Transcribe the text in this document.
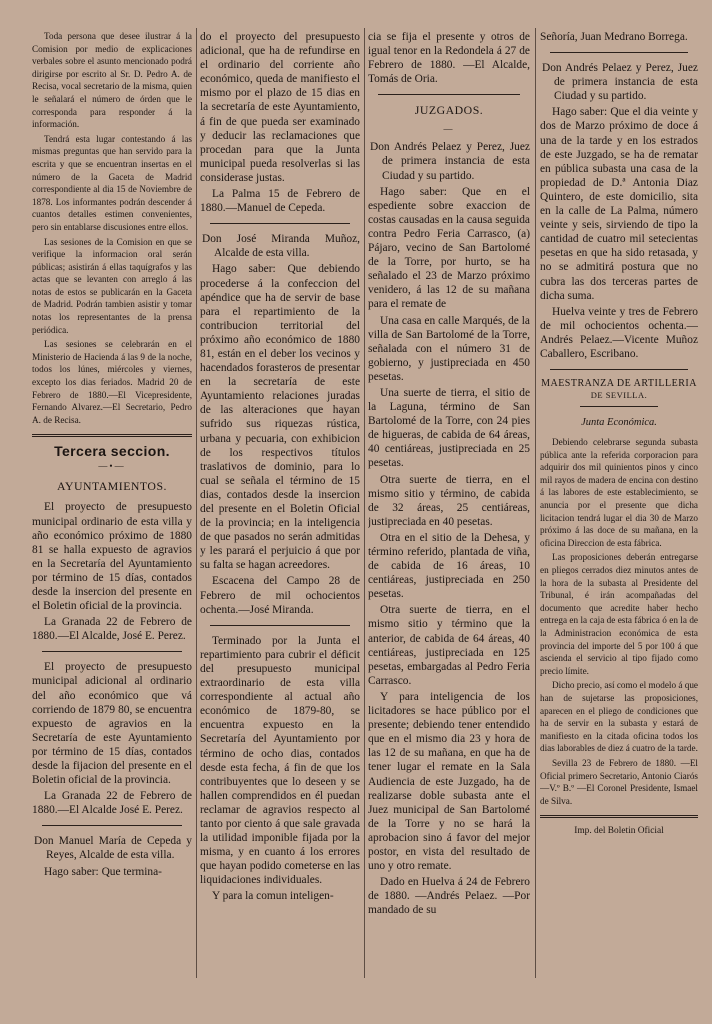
Toda persona que desee ilustrar á la Comision por medio de explicaciones verbales sobre el asunto mencionado podrá dirigirse por escrito al Sr. D. Pedro A. de Recisa, vocal secretario de la misma, quien le señalará el número de órden que le corresponda para responder á la información.

Tendrá esta lugar contestando á las mismas preguntas que han servido para la escrita y que se encuentran insertas en el número de la Gaceta de Madrid correspondiente al dia 15 de Noviembre de 1878. Los informantes podrán descender á cuantos detalles estimen convenientes, pero sin entablarse discusiones entre ellos.

Las sesiones de la Comision en que se verifique la informacion oral serán públicas; asistirán á ellas taquígrafos y las actas que se levanten con arreglo á las notas de estos se publicarán en la Gaceta de Madrid. Podrán tambien asistir y tomar notas los representantes de la prensa periódica.

Las sesiones se celebrarán en el Ministerio de Hacienda á las 9 de la noche, todos los lúnes, miércoles y viernes, excepto los dias feriados. Madrid 20 de Febrero de 1880.—El Vicepresidente, Fernando Alvarez.—El Secretario, Pedro A. de Recisa.

Tercera seccion.
—•—
AYUNTAMIENTOS.

El proyecto de presupuesto municipal ordinario de esta villa y año económico próximo de 1880 81 se halla expuesto de agravios en la Secretaría del Ayuntamiento por término de 15 días, contados desde la insercion del presente en el Boletin oficial de la provincia.

La Granada 22 de Febrero de 1880.—El Alcalde, José E. Perez.

El proyecto de presupuesto municipal adicional al ordinario del año económico que vá corriendo de 1879 80, se encuentra expuesto de agravios en la Secretaría de este Ayuntamiento por término de 15 días, contados desde la fijacion del presente en el Boletin oficial de la provincia.

La Granada 22 de Febrero de 1880.—El Alcalde José E. Perez.

Don Manuel María de Cepeda y Reyes, Alcalde de esta villa.

Hago saber: Que termina-

do el proyecto del presupuesto adicional, que ha de refundirse en el ordinario del corriente año económico, queda de manifiesto el mismo por el plazo de 15 dias en la secretaría de este Ayuntamiento, á fin de que pueda ser examinado y deducir las reclamaciones que procedan para que la Junta municipal pueda resolverlas si las considerase justas.

La Palma 15 de Febrero de 1880.—Manuel de Cepeda.

Don José Miranda Muñoz, Alcalde de esta villa.

Hago saber: Que debiendo procederse á la confeccion del apéndice que ha de servir de base para el repartimiento de la contribucion territorial del próximo año económico de 1880 81, están en el deber los vecinos y hacendados forasteros de presentar en la secretaría de este Ayuntamiento relaciones juradas de las alteraciones que hayan sufrido sus riquezas rústica, urbana y pecuaria, con exhibicion de los respectivos títulos traslativos de dominio, para lo cual se señala el término de 15 dias, contados desde la insercion del presente en el Boletin Oficial de la provincia; en la inteligencia de que pasados no serán admitidas y les parará el perjuicio á que por su falta se hagan acreedores.

Escacena del Campo 28 de Febrero de mil ochocientos ochenta.—José Miranda.

Terminado por la Junta el repartimiento para cubrir el déficit del presupuesto municipal extraordinario de esta villa correspondiente al actual año económico de 1879-80, se encuentra expuesto en la Secretaría del Ayuntamiento por término de ocho dias, contados desde esta fecha, á fin de que los contribuyentes que lo deseen y se hallen comprendidos en él puedan reclamar de agravios respecto al tanto por ciento á que sale gravada la utilidad imponible fijada por la misma, y en cuanto á los errores que hayan podido cometerse en las liquidaciones individuales.

Y para la comun inteligen-

cia se fija el presente y otros de igual tenor en la Redondela á 27 de Febrero de 1880. —El Alcalde, Tomás de Oria.

JUZGADOS.
—

Don Andrés Pelaez y Perez, Juez de primera instancia de esta Ciudad y su partido.

Hago saber: Que en el espediente sobre exaccion de costas causadas en la causa seguida contra Pedro Feria Carrasco, (a) Pájaro, vecino de San Bartolomé de la Torre, por hurto, se ha señalado el 23 de Marzo próximo venidero, á las 12 de su mañana para el remate de

Una casa en calle Marqués, de la villa de San Bartolomé de la Torre, señalada con el número 31 de gobierno, y justipreciada en 450 pesetas.

Una suerte de tierra, el sitio de la Laguna, término de San Bartolomé de la Torre, con 24 pies de higueras, de cabida de 64 áreas, 40 centiáreas, justipreciada en 25 pesetas.

Otra suerte de tierra, en el mismo sitio y término, de cabida de 32 áreas, 25 centiáreas, justipreciada en 40 pesetas.

Otra en el sitio de la Dehesa, y término referido, plantada de viña, de cabida de 16 áreas, 10 centiáreas, justipreciada en 250 pesetas.

Otra suerte de tierra, en el mismo sitio y término que la anterior, de cabida de 64 áreas, 40 centiáreas, justipreciada en 125 pesetas, embargadas al Pedro Feria Carrasco.

Y para inteligencia de los licitadores se hace público por el presente; debiendo tener entendido que en el mismo dia 23 y hora de las 12 de su mañana, en que ha de tener lugar el remate en la Sala Audiencia de este Juzgado, ha de realizarse doble subasta ante el Juez municipal de San Bartolomé de la Torre y no se hará la aprobacion sino á favor del mejor postor, en vista del resultado de uno y otro remate.

Dado en Huelva á 24 de Febrero de 1880. —Andrés Pelaez. —Por mandado de su

Señoría, Juan Medrano Borrega.

Don Andrés Pelaez y Perez, Juez de primera instancia de esta Ciudad y su partido.

Hago saber: Que el dia veinte y dos de Marzo próximo de doce á una de la tarde y en los estrados de este Juzgado, se ha de rematar en pública subasta una casa de la propiedad de D.ª Antonia Diaz Quintero, de este domicilio, sita en la calle de La Palma, número veinte y seis, sirviendo de tipo la cantidad de cuatro mil setecientas pesetas en que ha sido retasada, y no se admitirá postura que no cubra las dos terceras partes de dicha suma.

Huelva veinte y tres de Febrero de mil ochocientos ochenta.—Andrés Pelaez.—Vicente Muñoz Caballero, Escribano.

MAESTRANZA DE ARTILLERIA
DE SEVILLA.
Junta Económica.

Debiendo celebrarse segunda subasta pública ante la referida corporacion para adquirir dos mil quinientos pinos y cinco mil rayos de madera de encina con destino á las labores de este establecimiento, se anuncia por el presente que dicha licitacion tendrá lugar el dia 30 de Marzo próximo á las doce de su mañana, en la oficina Direccion de esta fábrica.

Las proposiciones deberán entregarse en pliegos cerrados diez minutos antes de la hora de la subasta al Presidente del Tribunal, é irán acompañadas del documento que acredite haber hecho entrega en la caja de esta fábrica ó en la de la Administracion económica de esta provincia del importe del 5 por 100 á que ascienda el servicio al tipo fijado como precio límite.

Dicho precio, así como el modelo á que han de sujetarse las proposiciones, aparecen en el pliego de condiciones que ha de servir en la subasta y estará de manifiesto en la citada oficina todos los dias laborables de diez á cuatro de la tarde.

Sevilla 23 de Febrero de 1880. —El Oficial primero Secretario, Antonio Ciarós —V.º B.º —El Coronel Presidente, Ismael de Silva.

Imp. del Boletin Oficial
